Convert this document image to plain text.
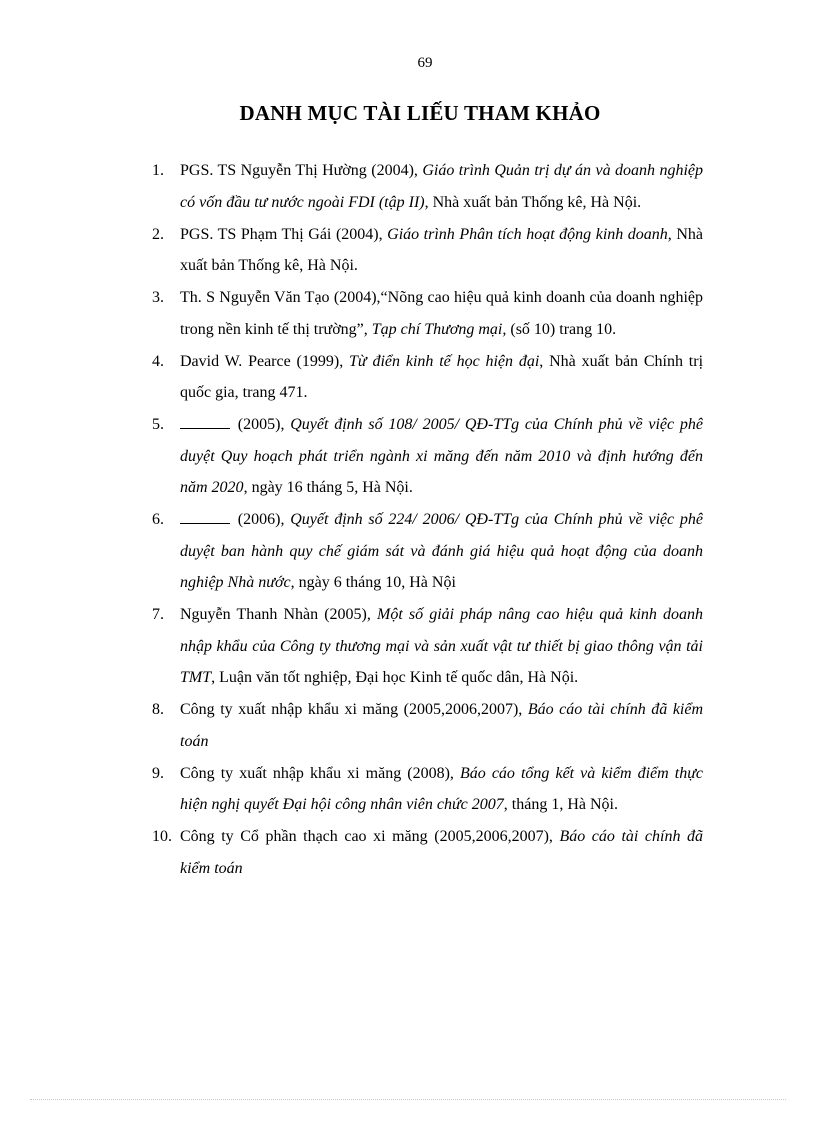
69
DANH MỤC TÀI LIẾU THAM KHẢO
1.	PGS. TS Nguyễn Thị Hường (2004), Giáo trình Quản trị dự án và doanh nghiệp có vốn đầu tư nước ngoài FDI (tập II), Nhà xuất bản Thống kê, Hà Nội.
2.	PGS. TS Phạm Thị Gái (2004), Giáo trình Phân tích hoạt động kinh doanh, Nhà xuất bản Thống kê, Hà Nội.
3.	Th. S Nguyễn Văn Tạo (2004),“Nõng cao hiệu quả kinh doanh của doanh nghiệp trong nền kinh tế thị trường”, Tạp chí Thương mại, (số 10) trang 10.
4.	David W. Pearce (1999), Từ điển kinh tế học hiện đại, Nhà xuất bản Chính trị quốc gia, trang 471.
5.	(2005), Quyết định số 108/ 2005/ QĐ-TTg của Chính phủ về việc phê duyệt Quy hoạch phát triển ngành xi măng đến năm 2010 và định hướng đến năm 2020, ngày 16 tháng 5, Hà Nội.
6.	(2006), Quyết định số 224/ 2006/ QĐ-TTg của Chính phủ về việc phê duyệt ban hành quy chế giám sát và đánh giá hiệu quả hoạt động của doanh nghiệp Nhà nước, ngày 6 tháng 10, Hà Nội
7.	Nguyễn Thanh Nhàn (2005), Một số giải pháp nâng cao hiệu quả kinh doanh nhập khẩu của Công ty thương mại và sản xuất vật tư thiết bị giao thông vận tải TMT, Luận văn tốt nghiệp, Đại học Kinh tế quốc dân, Hà Nội.
8.	Công ty xuất nhập khẩu xi măng (2005,2006,2007), Báo cáo tài chính đã kiểm toán
9.	Công ty xuất nhập khẩu xi măng (2008), Báo cáo tổng kết và kiểm điểm thực hiện nghị quyết Đại hội công nhân viên chức 2007, tháng 1, Hà Nội.
10. Công ty Cổ phần thạch cao xi măng (2005,2006,2007), Báo cáo tài chính đã kiểm toán
